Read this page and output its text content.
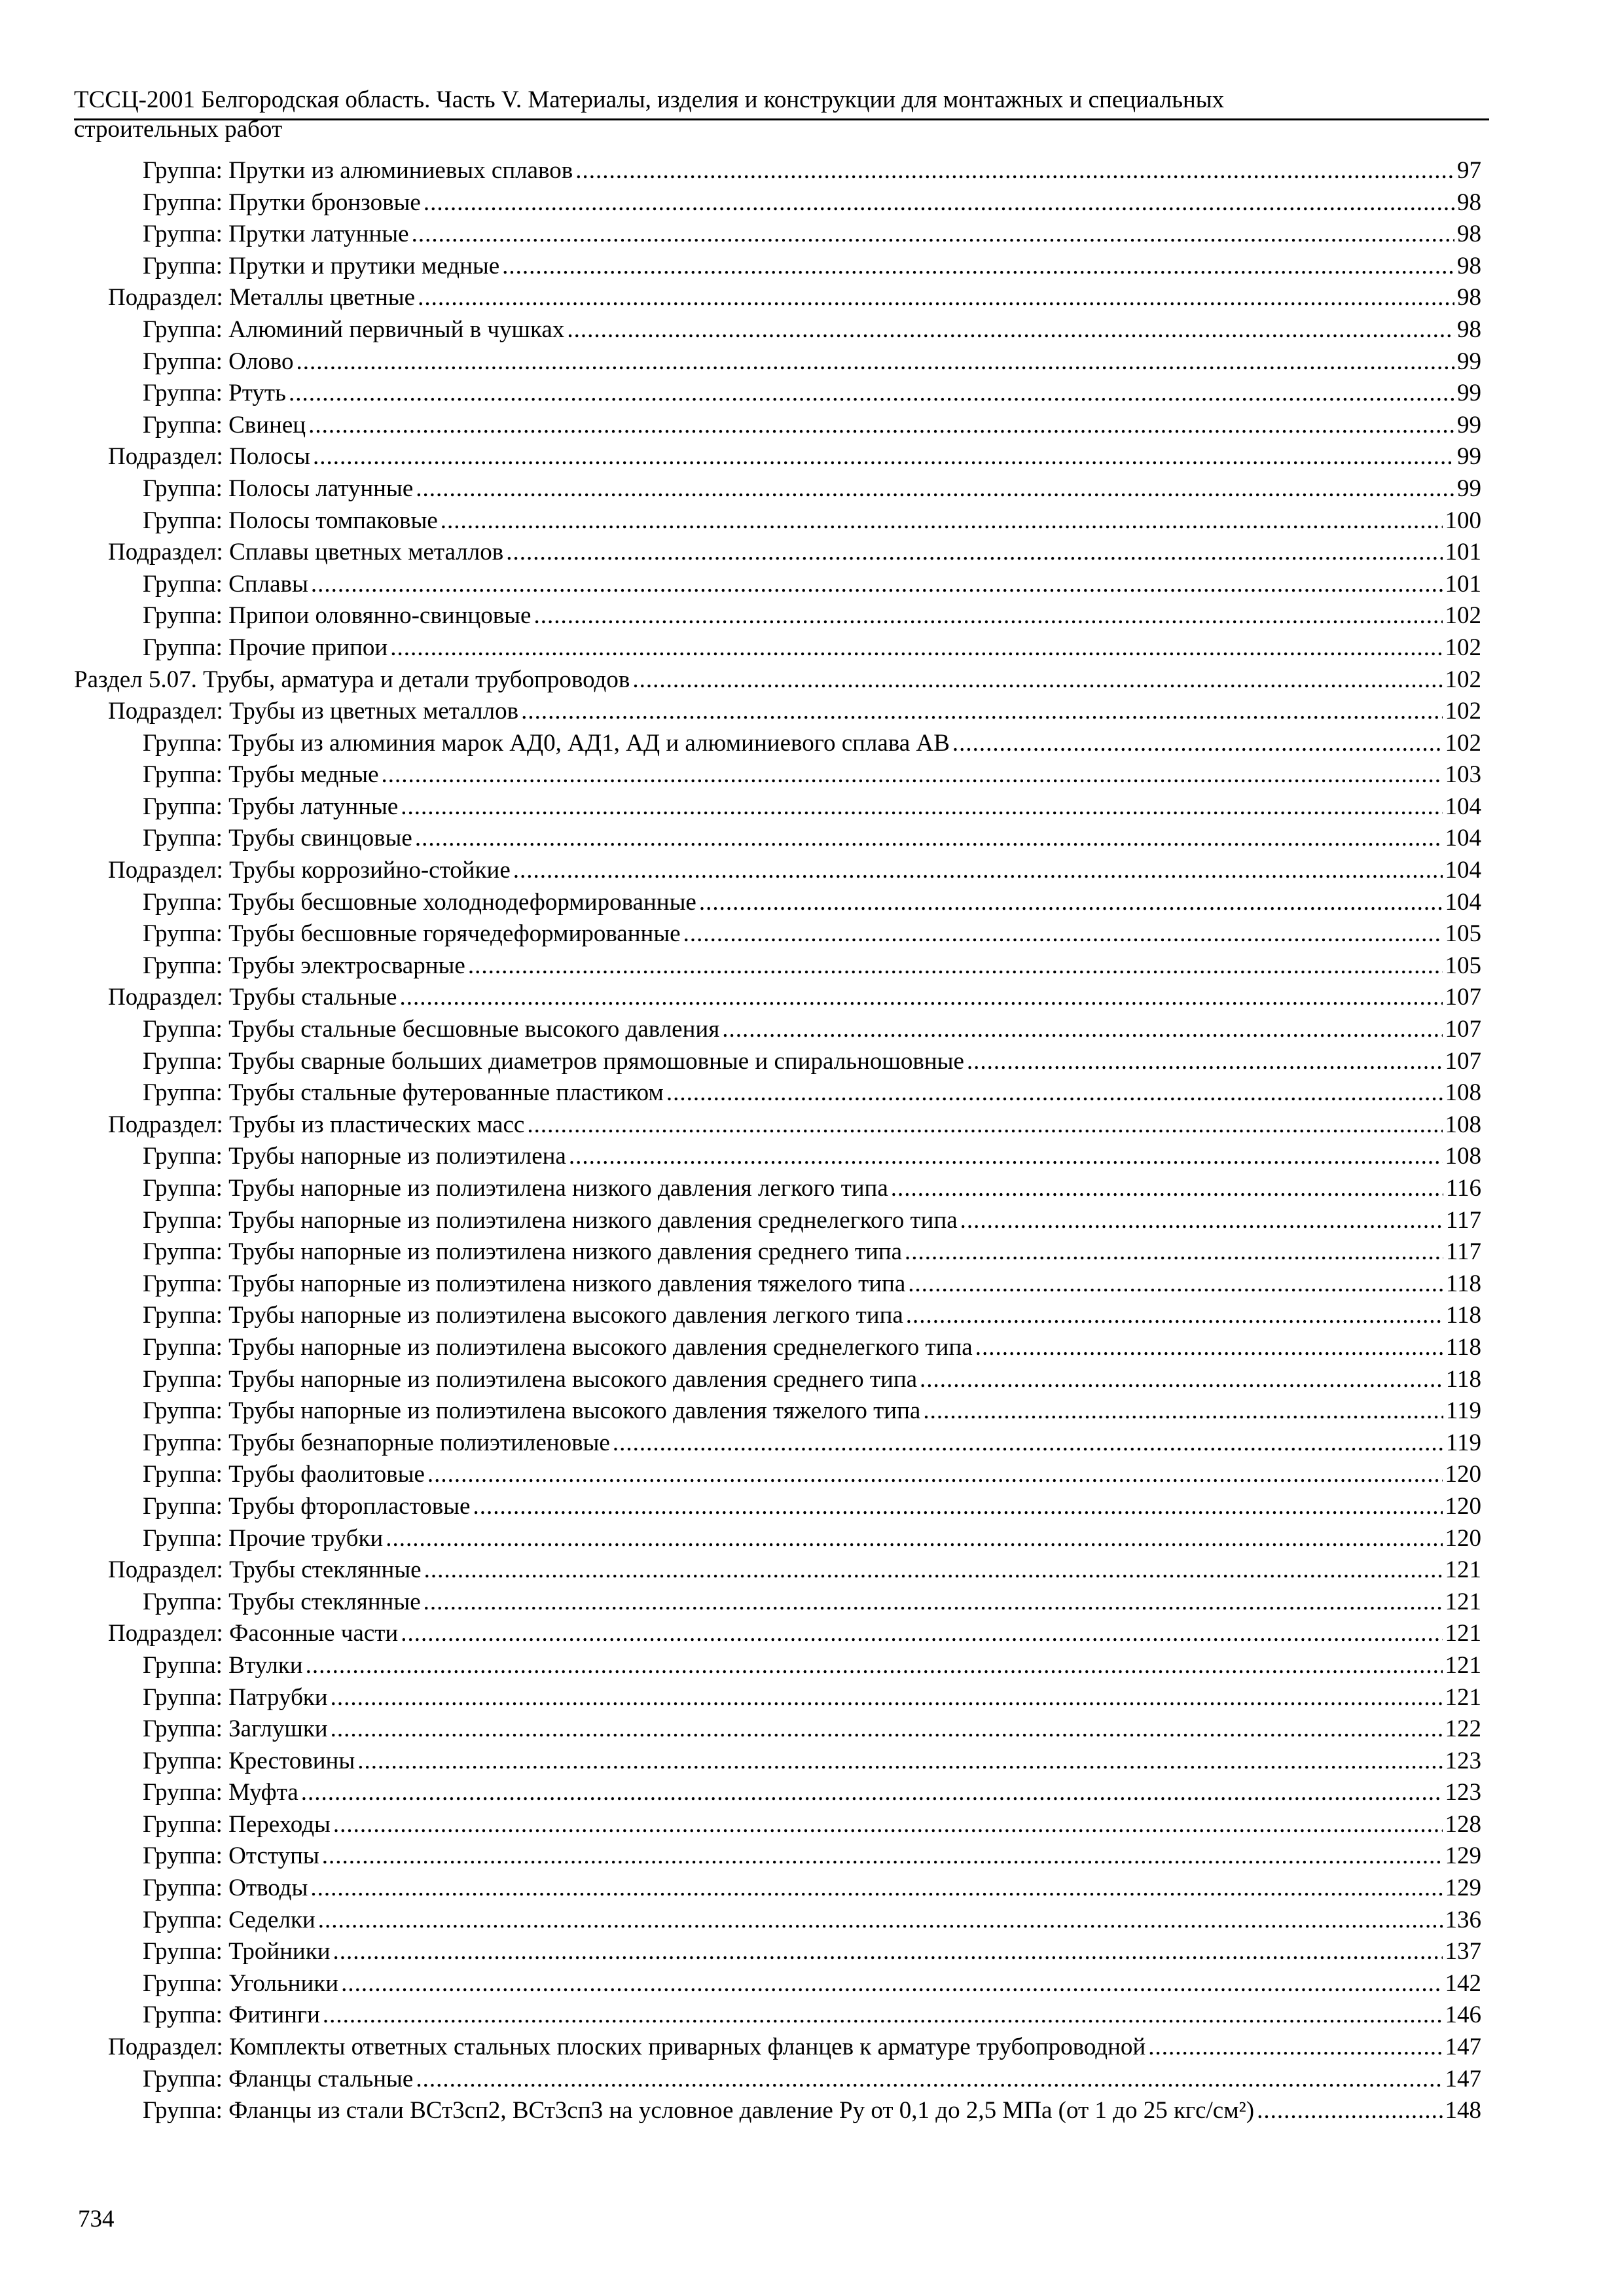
ТССЦ-2001 Белгородская область. Часть V. Материалы, изделия и конструкции для монтажных и специальных
строительных работ
Группа: Прутки из алюминиевых сплавов .....	97
Группа: Прутки бронзовые .....	98
Группа: Прутки латунные .....	98
Группа: Прутки и прутики медные .....	98
Подраздел: Металлы цветные .....	98
Группа: Алюминий первичный в чушках .....	98
Группа: Олово .....	99
Группа: Ртуть .....	99
Группа: Свинец .....	99
Подраздел: Полосы .....	99
Группа: Полосы латунные .....	99
Группа: Полосы томпаковые .....	100
Подраздел: Сплавы цветных металлов .....	101
Группа: Сплавы .....	101
Группа: Припои оловянно-свинцовые .....	102
Группа: Прочие припои .....	102
Раздел 5.07. Трубы, арматура и детали трубопроводов .....	102
Подраздел: Трубы из цветных металлов .....	102
Группа: Трубы из алюминия марок АД0, АД1, АД и алюминиевого сплава АВ .....	102
Группа: Трубы медные .....	103
Группа: Трубы латунные .....	104
Группа: Трубы свинцовые .....	104
Подраздел: Трубы коррозийно-стойкие .....	104
Группа: Трубы бесшовные холоднодеформированные .....	104
Группа: Трубы бесшовные горячедеформированные .....	105
Группа: Трубы электросварные .....	105
Подраздел: Трубы стальные .....	107
Группа: Трубы стальные бесшовные высокого давления .....	107
Группа: Трубы сварные больших диаметров прямошовные и спиральношовные .....	107
Группа: Трубы стальные футерованные пластиком .....	108
Подраздел: Трубы из пластических масс .....	108
Группа: Трубы напорные из полиэтилена .....	108
Группа: Трубы напорные из полиэтилена низкого давления легкого типа .....	116
Группа: Трубы напорные из полиэтилена низкого давления среднелегкого типа .....	117
Группа: Трубы напорные из полиэтилена низкого давления среднего типа .....	117
Группа: Трубы напорные из полиэтилена низкого давления тяжелого типа .....	118
Группа: Трубы напорные из полиэтилена высокого давления легкого типа .....	118
Группа: Трубы напорные из полиэтилена высокого давления среднелегкого типа .....	118
Группа: Трубы напорные из полиэтилена высокого давления среднего типа .....	118
Группа: Трубы напорные из полиэтилена высокого давления тяжелого типа .....	119
Группа: Трубы безнапорные полиэтиленовые .....	119
Группа: Трубы фаолитовые .....	120
Группа: Трубы фторопластовые .....	120
Группа: Прочие трубки .....	120
Подраздел: Трубы стеклянные .....	121
Группа: Трубы стеклянные .....	121
Подраздел: Фасонные части .....	121
Группа: Втулки .....	121
Группа: Патрубки .....	121
Группа: Заглушки .....	122
Группа: Крестовины .....	123
Группа: Муфта .....	123
Группа: Переходы .....	128
Группа: Отступы .....	129
Группа: Отводы .....	129
Группа: Седелки .....	136
Группа: Тройники .....	137
Группа: Угольники .....	142
Группа: Фитинги .....	146
Подраздел: Комплекты ответных стальных плоских приварных фланцев к арматуре трубопроводной .....	147
Группа: Фланцы стальные .....	147
Группа: Фланцы из стали ВСт3сп2, ВСт3сп3 на условное давление Ру от 0,1 до 2,5 МПа (от 1 до 25 кгс/см²) .....	148
734
